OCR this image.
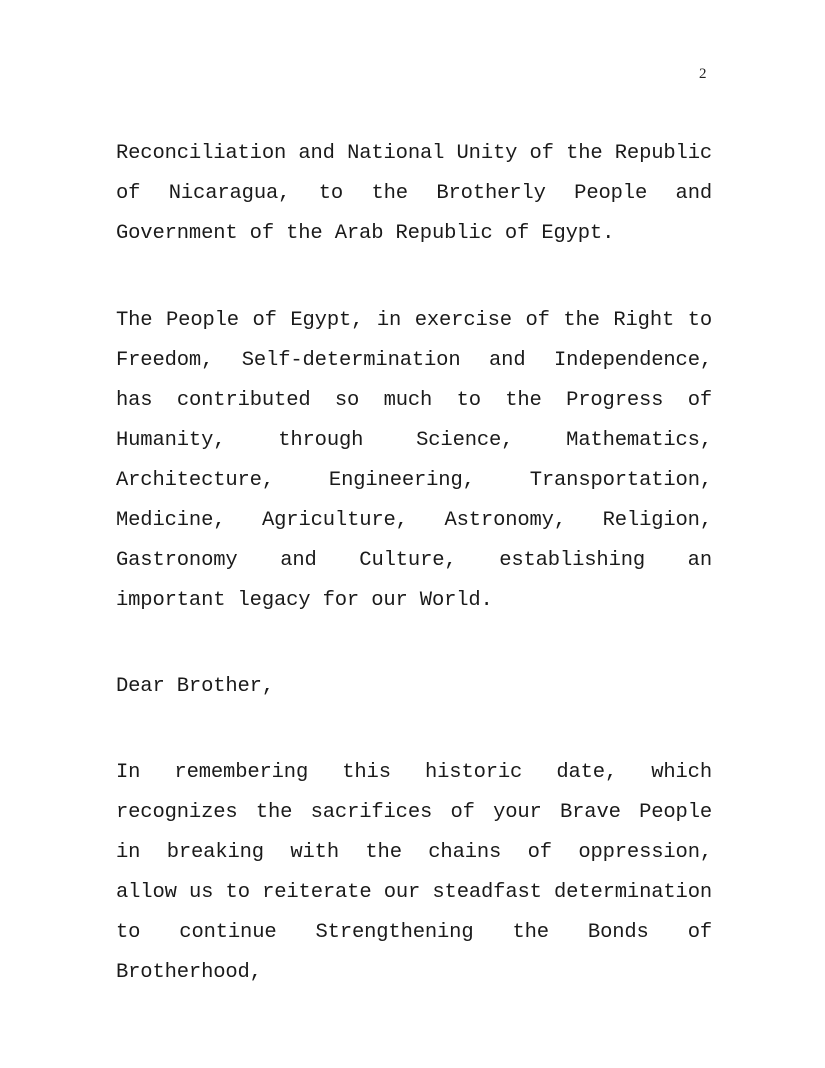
2
Reconciliation and National Unity of the Republic
of Nicaragua, to the Brotherly People and
Government of the Arab Republic of Egypt.
The People of Egypt, in exercise of the Right to
Freedom, Self-determination and Independence,
has contributed so much to the Progress of
Humanity, through Science, Mathematics,
Architecture, Engineering, Transportation,
Medicine, Agriculture, Astronomy, Religion,
Gastronomy and Culture, establishing an
important legacy for our World.
Dear Brother,
In remembering this historic date, which
recognizes the sacrifices of your Brave People
in breaking with the chains of oppression,
allow us to reiterate our steadfast determination
to continue Strengthening the Bonds of Brotherhood,
